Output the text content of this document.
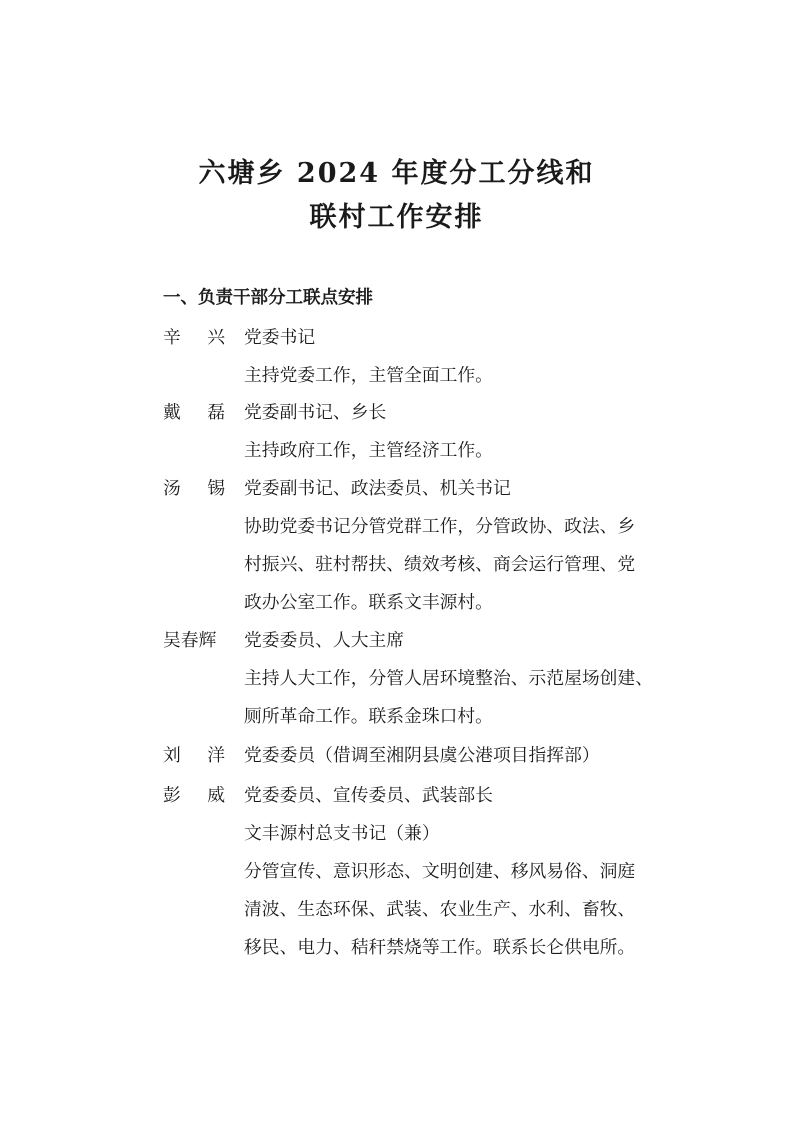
六塘乡 2024 年度分工分线和
联村工作安排
一、负责干部分工联点安排
辛 兴 党委书记
主持党委工作，主管全面工作。
戴 磊 党委副书记、乡长
主持政府工作，主管经济工作。
汤 锡 党委副书记、政法委员、机关书记
协助党委书记分管党群工作，分管政协、政法、乡
村振兴、驻村帮扶、绩效考核、商会运行管理、党
政办公室工作。联系文丰源村。
吴春辉 党委委员、人大主席
主持人大工作，分管人居环境整治、示范屋场创建、
厕所革命工作。联系金珠口村。
刘 洋 党委委员（借调至湘阴县虞公港项目指挥部）
彭 威 党委委员、宣传委员、武装部长
文丰源村总支书记（兼）
分管宣传、意识形态、文明创建、移风易俗、洞庭
清波、生态环保、武装、农业生产、水利、畜牧、
移民、电力、秸秆禁烧等工作。联系长仑供电所。
